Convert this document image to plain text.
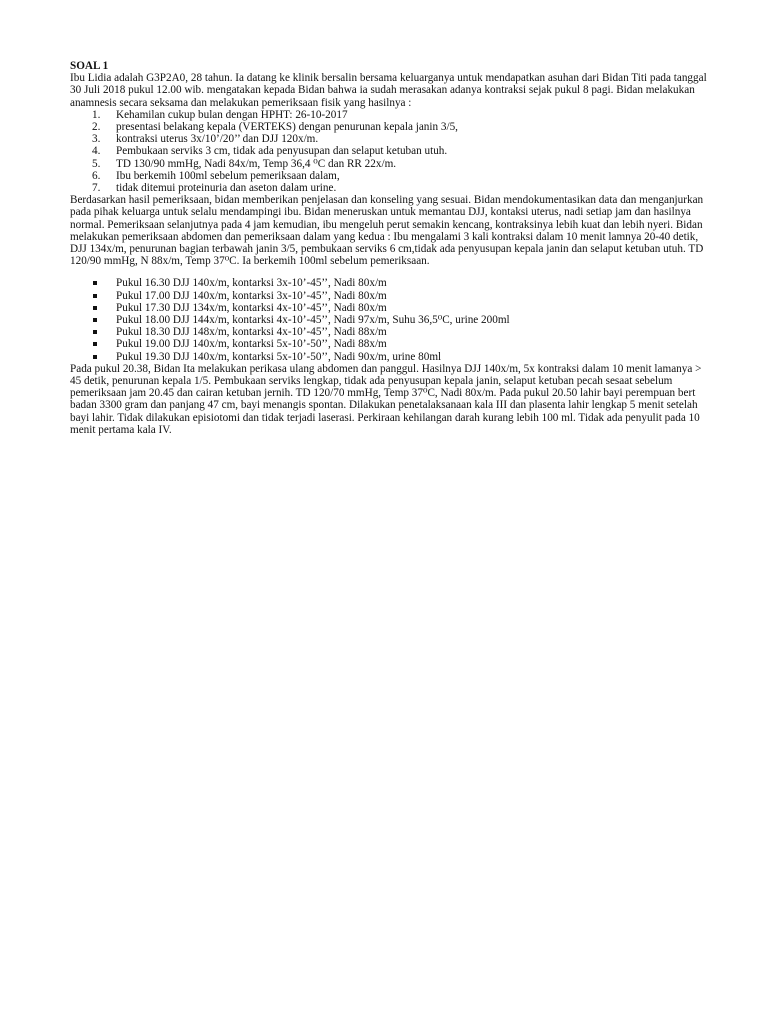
SOAL 1

Ibu Lidia adalah G3P2A0, 28 tahun. Ia datang ke klinik bersalin bersama keluarganya untuk mendapatkan asuhan dari Bidan Titi pada tanggal 30 Juli 2018 pukul 12.00 wib. mengatakan kepada Bidan bahwa ia sudah merasakan adanya kontraksi sejak pukul 8 pagi. Bidan melakukan anamnesis secara seksama dan melakukan pemeriksaan fisik yang hasilnya :

1. Kehamilan cukup bulan dengan HPHT: 26-10-2017
2. presentasi belakang kepala (VERTEKS) dengan penurunan kepala janin 3/5,
3. kontraksi uterus 3x/10’/20’’ dan DJJ 120x/m.
4. Pembukaan serviks 3 cm, tidak ada penyusupan dan selaput ketuban utuh.
5. TD 130/90 mmHg, Nadi 84x/m, Temp 36,4 ⁰C dan RR 22x/m.
6. Ibu berkemih 100ml sebelum pemeriksaan dalam,
7. tidak ditemui proteinuria dan aseton dalam urine.

Berdasarkan hasil pemeriksaan, bidan memberikan penjelasan dan konseling yang sesuai. Bidan mendokumentasikan data dan menganjurkan pada pihak keluarga untuk selalu mendampingi ibu. Bidan meneruskan untuk memantau DJJ, kontaksi uterus, nadi setiap jam dan hasilnya normal. Pemeriksaan selanjutnya pada 4 jam kemudian, ibu mengeluh perut semakin kencang, kontraksinya lebih kuat dan lebih nyeri. Bidan melakukan pemeriksaan abdomen dan pemeriksaan dalam yang kedua : Ibu mengalami 3 kali kontraksi dalam 10 menit lamnya 20-40 detik, DJJ 134x/m, penurunan bagian terbawah janin 3/5, pembukaan serviks 6 cm,tidak ada penyusupan kepala janin dan selaput ketuban utuh. TD 120/90 mmHg, N 88x/m, Temp 37⁰C. Ia berkemih 100ml sebelum pemeriksaan.

Pukul 16.30 DJJ 140x/m, kontarksi 3x-10’-45’’, Nadi 80x/m
Pukul 17.00 DJJ 140x/m, kontarksi 3x-10’-45’’, Nadi 80x/m
Pukul 17.30 DJJ 134x/m, kontarksi 4x-10’-45’’, Nadi 80x/m
Pukul 18.00 DJJ 144x/m, kontarksi 4x-10’-45’’, Nadi 97x/m, Suhu 36,5⁰C, urine 200ml
Pukul 18.30 DJJ 148x/m, kontarksi 4x-10’-45’’, Nadi 88x/m
Pukul 19.00 DJJ 140x/m, kontarksi 5x-10’-50’’, Nadi 88x/m
Pukul 19.30 DJJ 140x/m, kontarksi 5x-10’-50’’, Nadi 90x/m, urine 80ml

Pada pukul 20.38, Bidan Ita melakukan perikasa ulang abdomen dan panggul. Hasilnya DJJ 140x/m, 5x kontraksi dalam 10 menit lamanya > 45 detik, penurunan kepala 1/5. Pembukaan serviks lengkap, tidak ada penyusupan kepala janin, selaput ketuban pecah sesaat sebelum pemeriksaan jam 20.45 dan cairan ketuban jernih. TD 120/70 mmHg, Temp 37⁰C, Nadi 80x/m. Pada pukul 20.50 lahir bayi perempuan bert badan 3300 gram dan panjang 47 cm, bayi menangis spontan. Dilakukan penetalaksanaan kala III dan plasenta lahir lengkap 5 menit setelah bayi lahir. Tidak dilakukan episiotomi dan tidak terjadi laserasi. Perkiraan kehilangan darah kurang lebih 100 ml. Tidak ada penyulit pada 10 menit pertama kala IV.
